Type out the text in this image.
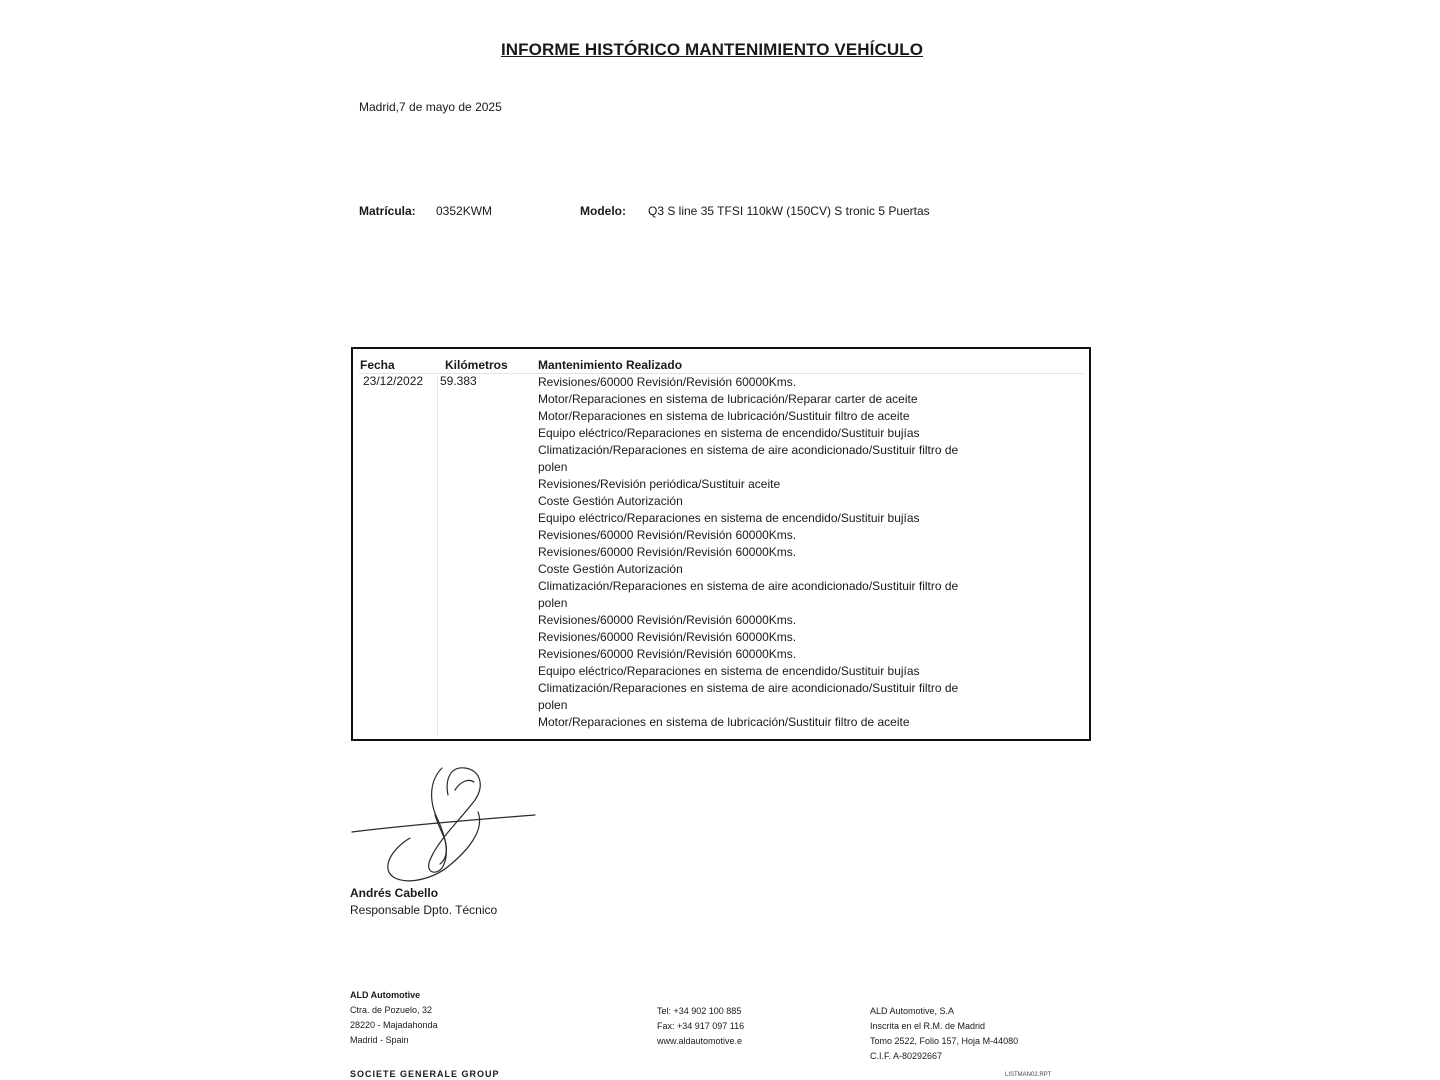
INFORME HISTÓRICO MANTENIMIENTO VEHÍCULO
Madrid,7 de mayo de 2025
Matrícula: 0352KWM	Modelo: Q3 S line 35 TFSI 110kW (150CV) S tronic 5 Puertas
Fecha	Kilómetros	Mantenimiento Realizado
23/12/2022 59.383	Revisiones/60000 Revisión/Revisión 60000Kms.
Motor/Reparaciones en sistema de lubricación/Reparar carter de aceite
Motor/Reparaciones en sistema de lubricación/Sustituir filtro de aceite
Equipo eléctrico/Reparaciones en sistema de encendido/Sustituir bujías
Climatización/Reparaciones en sistema de aire acondicionado/Sustituir filtro de
polen
Revisiones/Revisión periódica/Sustituir aceite
Coste Gestión Autorización
Equipo eléctrico/Reparaciones en sistema de encendido/Sustituir bujías
Revisiones/60000 Revisión/Revisión 60000Kms.
Revisiones/60000 Revisión/Revisión 60000Kms.
Coste Gestión Autorización
Climatización/Reparaciones en sistema de aire acondicionado/Sustituir filtro de
polen
Revisiones/60000 Revisión/Revisión 60000Kms.
Revisiones/60000 Revisión/Revisión 60000Kms.
Revisiones/60000 Revisión/Revisión 60000Kms.
Equipo eléctrico/Reparaciones en sistema de encendido/Sustituir bujías
Climatización/Reparaciones en sistema de aire acondicionado/Sustituir filtro de
polen
Motor/Reparaciones en sistema de lubricación/Sustituir filtro de aceite
Andrés Cabello
Responsable Dpto. Técnico
ALD Automotive
Ctra. de Pozuelo, 32
28220 - Majadahonda
Madrid - Spain
Tel: +34 902 100 885
Fax: +34 917 097 116
www.aldautomotive.e
ALD Automotive, S.A
Inscrita en el R.M. de Madrid
Tomo 2522, Folio 157, Hoja M-44080
C.I.F. A-80292667
SOCIETE GENERALE GROUP	LISTMAN02.RPT
